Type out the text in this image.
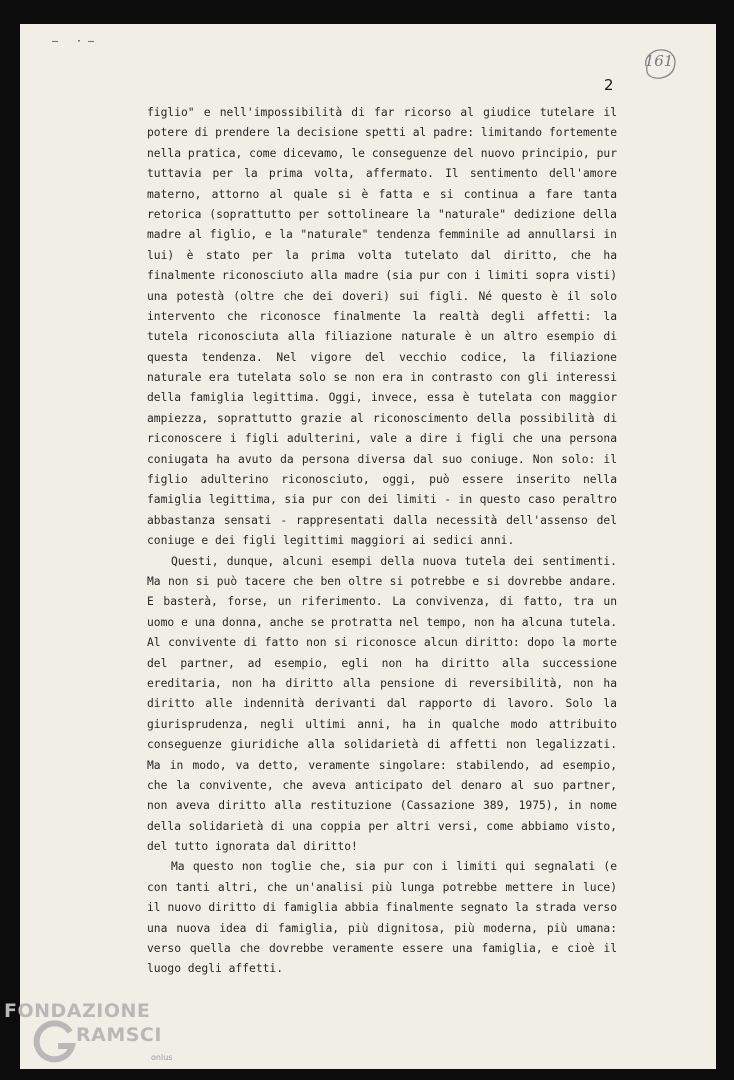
– ·–
161
2
figlio" e nell'impossibilità di far ricorso al giudice tutelare il
potere di prendere la decisione spetti al padre: limitando fortemente
nella pratica, come dicevamo, le conseguenze del nuovo principio, pur
tuttavia per la prima volta, affermato. Il sentimento dell'amore
materno, attorno al quale si è fatta e si continua a fare tanta
retorica (soprattutto per sottolineare la "naturale" dedizione della
madre al figlio, e la "naturale" tendenza femminile ad annullarsi in
lui) è stato per la prima volta tutelato dal diritto, che ha
finalmente riconosciuto alla madre (sia pur con i limiti sopra visti)
una potestà (oltre che dei doveri) sui figli. Né questo è il solo
intervento che riconosce finalmente la realtà degli affetti: la
tutela riconosciuta alla filiazione naturale è un altro esempio di
questa tendenza. Nel vigore del vecchio codice, la filiazione
naturale era tutelata solo se non era in contrasto con gli interessi
della famiglia legittima. Oggi, invece, essa è tutelata con maggior
ampiezza, soprattutto grazie al riconoscimento della possibilità di
riconoscere i figli adulterini, vale a dire i figli che una persona
coniugata ha avuto da persona diversa dal suo coniuge. Non solo: il
figlio adulterino riconosciuto, oggi, può essere inserito nella
famiglia legittima, sia pur con dei limiti - in questo caso peraltro
abbastanza sensati - rappresentati dalla necessità dell'assenso del
coniuge e dei figli legittimi maggiori ai sedici anni.
Questi, dunque, alcuni esempi della nuova tutela dei sentimenti.
Ma non si può tacere che ben oltre si potrebbe e si dovrebbe andare.
E basterà, forse, un riferimento. La convivenza, di fatto, tra un
uomo e una donna, anche se protratta nel tempo, non ha alcuna tutela.
Al convivente di fatto non si riconosce alcun diritto: dopo la morte
del partner, ad esempio, egli non ha diritto alla successione
ereditaria, non ha diritto alla pensione di reversibilità, non ha
diritto alle indennità derivanti dal rapporto di lavoro. Solo la
giurisprudenza, negli ultimi anni, ha in qualche modo attribuito
conseguenze giuridiche alla solidarietà di affetti non legalizzati.
Ma in modo, va detto, veramente singolare: stabilendo, ad esempio,
che la convivente, che aveva anticipato del denaro al suo partner,
non aveva diritto alla restituzione (Cassazione 389, 1975), in nome
della solidarietà di una coppia per altri versi, come abbiamo visto,
del tutto ignorata dal diritto!
Ma questo non toglie che, sia pur con i limiti qui segnalati (e
con tanti altri, che un'analisi più lunga potrebbe mettere in luce)
il nuovo diritto di famiglia abbia finalmente segnato la strada verso
una nuova idea di famiglia, più dignitosa, più moderna, più umana:
verso quella che dovrebbe veramente essere una famiglia, e cioè il
luogo degli affetti.
FONDAZIONE
RAMSCI
onlus
